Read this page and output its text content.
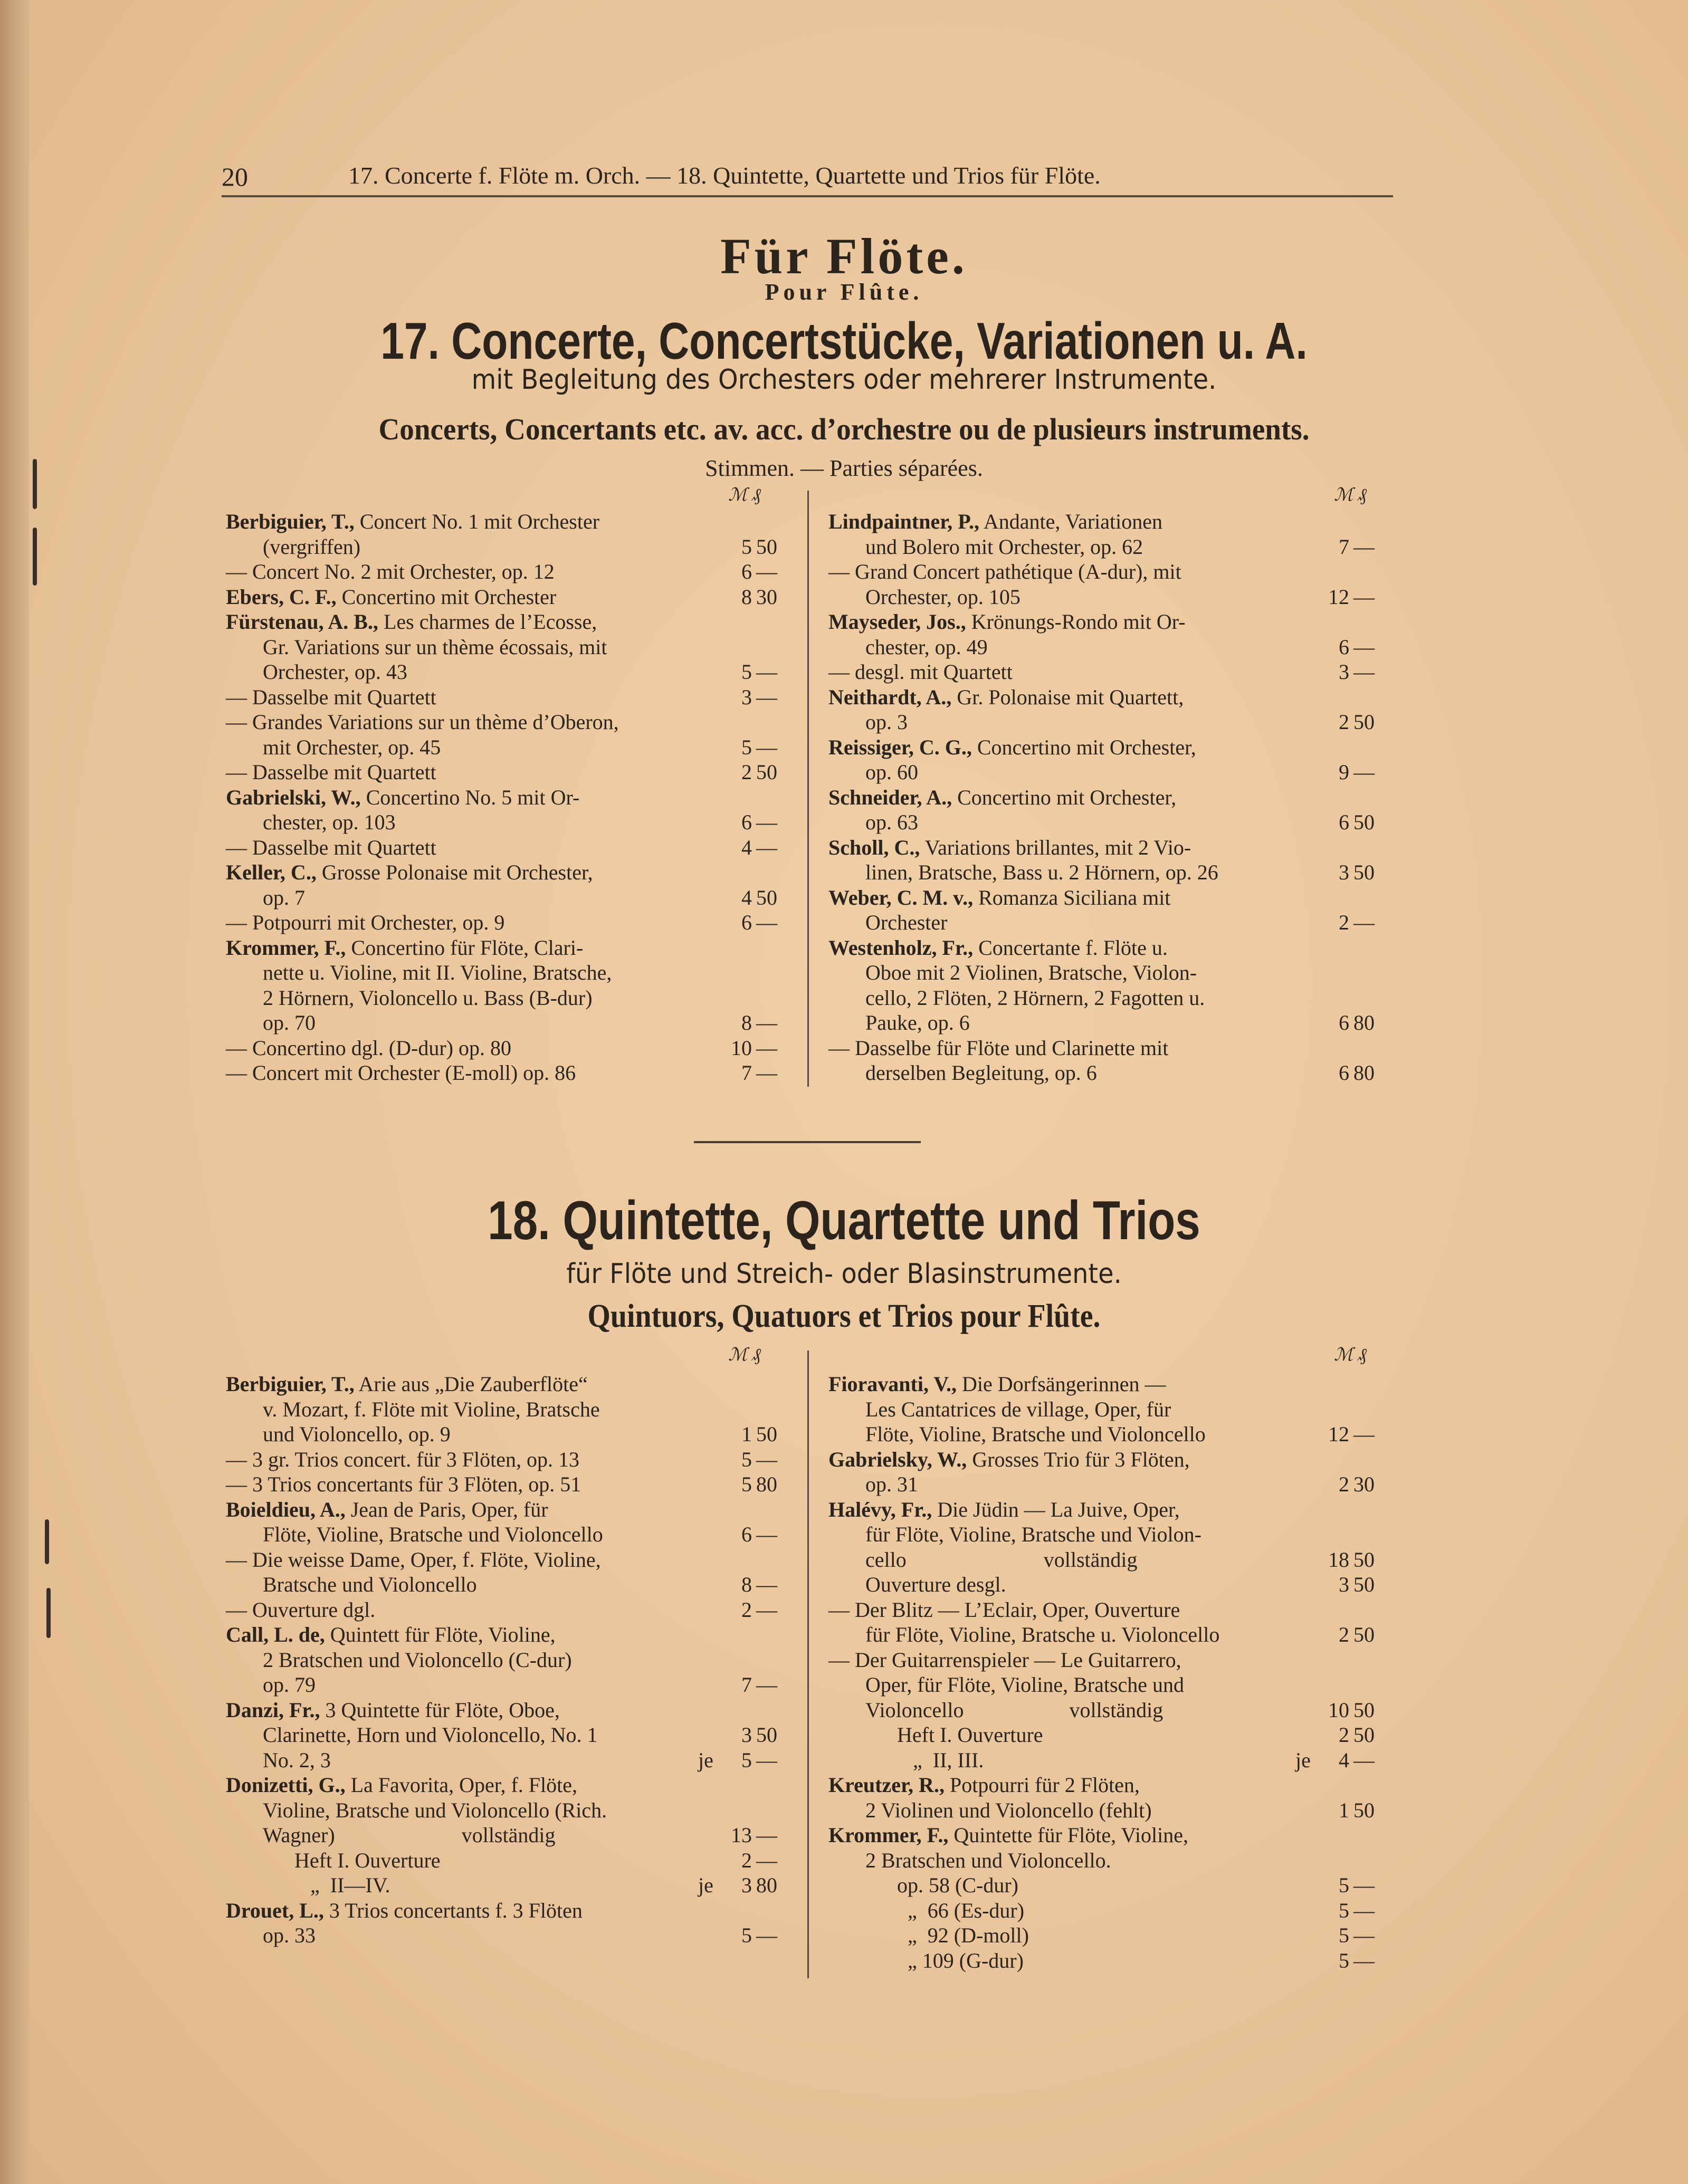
20	17. Concerte f. Flöte m. Orch. — 18. Quintette, Quartette und Trios für Flöte.
Für Flöte.
Pour Flûte.
17. Concerte, Concertstücke, Variationen u. A.
mit Begleitung des Orchesters oder mehrerer Instrumente.
Concerts, Concertants etc. av. acc. d’orchestre ou de plusieurs instruments.
Stimmen. — Parties séparées.
ℳ ₰	ℳ ₰
Berbiguier, T., Concert No. 1 mit Orchester
(vergriffen)	5 50
— Concert No. 2 mit Orchester, op. 12	6 —
Ebers, C. F., Concertino mit Orchester	8 30
Fürstenau, A. B., Les charmes de l’Ecosse,
Gr. Variations sur un thème écossais, mit
Orchester, op. 43	5 —
— Dasselbe mit Quartett	3 —
— Grandes Variations sur un thème d’Oberon,
mit Orchester, op. 45	5 —
— Dasselbe mit Quartett	2 50
Gabrielski, W., Concertino No. 5 mit Or-
chester, op. 103	6 —
— Dasselbe mit Quartett	4 —
Keller, C., Grosse Polonaise mit Orchester,
op. 7	4 50
— Potpourri mit Orchester, op. 9	6 —
Krommer, F., Concertino für Flöte, Clari-
nette u. Violine, mit II. Violine, Bratsche,
2 Hörnern, Violoncello u. Bass (B-dur)
op. 70	8 —
— Concertino dgl. (D-dur) op. 80	10 —
— Concert mit Orchester (E-moll) op. 86	7 —
Lindpaintner, P., Andante, Variationen
und Bolero mit Orchester, op. 62	7 —
— Grand Concert pathétique (A-dur), mit
Orchester, op. 105	12 —
Mayseder, Jos., Krönungs-Rondo mit Or-
chester, op. 49	6 —
— desgl. mit Quartett	3 —
Neithardt, A., Gr. Polonaise mit Quartett,
op. 3	2 50
Reissiger, C. G., Concertino mit Orchester,
op. 60	9 —
Schneider, A., Concertino mit Orchester,
op. 63	6 50
Scholl, C., Variations brillantes, mit 2 Vio-
linen, Bratsche, Bass u. 2 Hörnern, op. 26	3 50
Weber, C. M. v., Romanza Siciliana mit
Orchester	2 —
Westenholz, Fr., Concertante f. Flöte u.
Oboe mit 2 Violinen, Bratsche, Violon-
cello, 2 Flöten, 2 Hörnern, 2 Fagotten u.
Pauke, op. 6	6 80
— Dasselbe für Flöte und Clarinette mit
derselben Begleitung, op. 6	6 80
18. Quintette, Quartette und Trios
für Flöte und Streich- oder Blasinstrumente.
Quintuors, Quatuors et Trios pour Flûte.
ℳ ₰	ℳ ₰
Berbiguier, T., Arie aus „Die Zauberflöte“
v. Mozart, f. Flöte mit Violine, Bratsche
und Violoncello, op. 9	1 50
— 3 gr. Trios concert. für 3 Flöten, op. 13	5 —
— 3 Trios concertants für 3 Flöten, op. 51	5 80
Boieldieu, A., Jean de Paris, Oper, für
Flöte, Violine, Bratsche und Violoncello	6 —
— Die weisse Dame, Oper, f. Flöte, Violine,
Bratsche und Violoncello	8 —
— Ouverture dgl.	2 —
Call, L. de, Quintett für Flöte, Violine,
2 Bratschen und Violoncello (C-dur)
op. 79	7 —
Danzi, Fr., 3 Quintette für Flöte, Oboe,
Clarinette, Horn und Violoncello, No. 1	3 50
No. 2, 3	je	5 —
Donizetti, G., La Favorita, Oper, f. Flöte,
Violine, Bratsche und Violoncello (Rich.
Wagner)                        vollständig	13 —
Heft I. Ouverture	2 —
„  II—IV.	je	3 80
Drouet, L., 3 Trios concertants f. 3 Flöten
op. 33	5 —
Fioravanti, V., Die Dorfsängerinnen —
Les Cantatrices de village, Oper, für
Flöte, Violine, Bratsche und Violoncello	12 —
Gabrielsky, W., Grosses Trio für 3 Flöten,
op. 31	2 30
Halévy, Fr., Die Jüdin — La Juive, Oper,
für Flöte, Violine, Bratsche und Violon-
cello                          vollständig	18 50
Ouverture desgl.	3 50
— Der Blitz — L’Eclair, Oper, Ouverture
für Flöte, Violine, Bratsche u. Violoncello	2 50
— Der Guitarrenspieler — Le Guitarrero,
Oper, für Flöte, Violine, Bratsche und
Violoncello                    vollständig	10 50
Heft I. Ouverture	2 50
„  II, III.	je	4 —
Kreutzer, R., Potpourri für 2 Flöten,
2 Violinen und Violoncello (fehlt)	1 50
Krommer, F., Quintette für Flöte, Violine,
2 Bratschen und Violoncello.
op. 58 (C-dur)	5 —
„  66 (Es-dur)	5 —
„  92 (D-moll)	5 —
„ 109 (G-dur)	5 —
